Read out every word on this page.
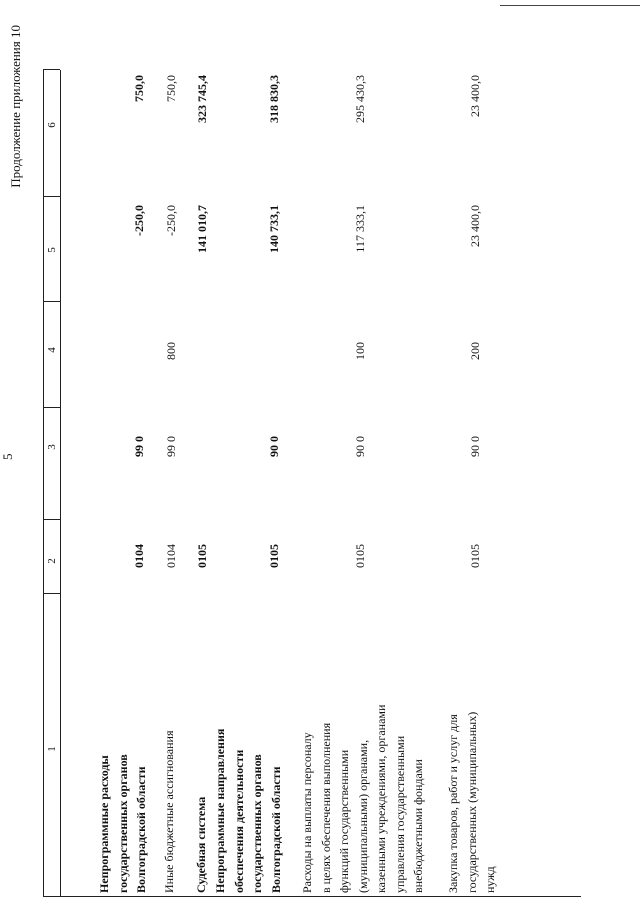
5
Продолжение приложения 10
1
2
3
4
5
6
Непрограммные расходы государственных органов Волгоградской области
0104
99 0
-250,0
750,0
Иные бюджетные ассигнования
0104
99 0
800
-250,0
750,0
Судебная система
0105
141 010,7
323 745,4
Непрограммные направления обеспечения деятельности государственных органов Волгоградской области
0105
90 0
140 733,1
318 830,3
Расходы на выплаты персоналу в целях обеспечения выполнения функций государственными (муниципальными) органами, казенными учреждениями, органами управления государственными внебюджетными фондами
0105
90 0
100
117 333,1
295 430,3
Закупка товаров, работ и услуг для государственных (муниципальных) нужд
0105
90 0
200
23 400,0
23 400,0
